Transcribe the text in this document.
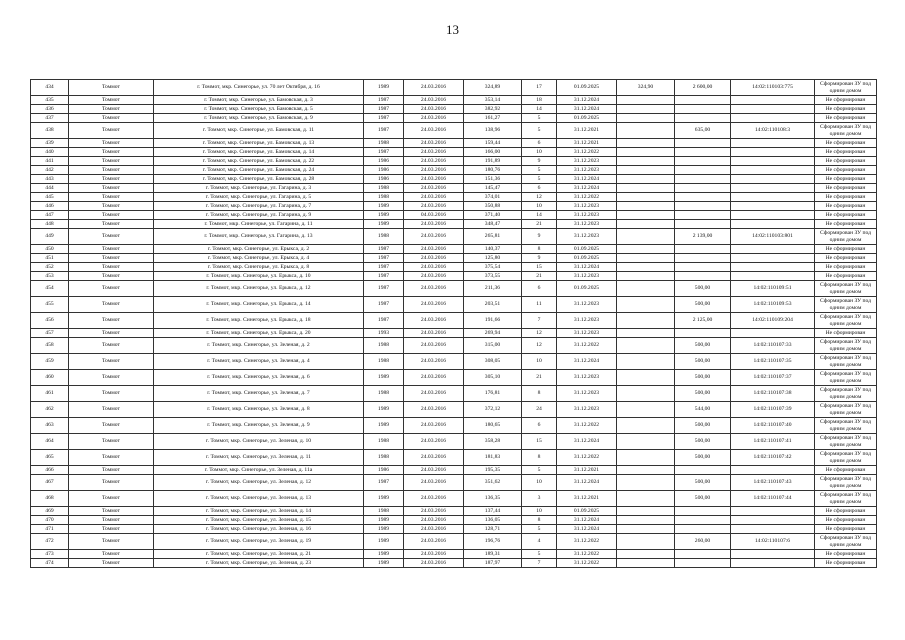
13
434	Томмот	г. Томмот, мкр. Синегорье, ул. 70 лет Октября, д. 16	1989	24.03.2016	324,89	17	01.09.2025	324,90	2 600,00	14:02:110103:775	Сформирован ЗУ под одним домом
435	Томмот	г. Томмот, мкр. Синегорье, ул. Бамовская, д. 3	1987	24.03.2016	353,14	18	31.12.2024				Не сформирован
436	Томмот	г. Томмот, мкр. Синегорье, ул. Бамовская, д. 5	1987	24.03.2016	382,92	14	31.12.2024				Не сформирован
437	Томмот	г. Томмот, мкр. Синегорье, ул. Бамовская, д. 9	1987	24.03.2016	161,27	5	01.09.2025				Не сформирован
438	Томмот	г. Томмот, мкр. Синегорье, ул. Бамовская, д. 11	1987	24.03.2016	138,96	5	31.12.2021		635,00	14:02:110108:3	Сформирован ЗУ под одним домом
439	Томмот	г. Томмот, мкр. Синегорье, ул. Бамовская, д. 13	1988	24.03.2016	159,44	6	31.12.2021				Не сформирован
440	Томмот	г. Томмот, мкр. Синегорье, ул. Бамовская, д. 14	1987	24.03.2016	166,00	10	31.12.2022				Не сформирован
441	Томмот	г. Томмот, мкр. Синегорье, ул. Бамовская, д. 22	1986	24.03.2016	191,89	9	31.12.2023				Не сформирован
442	Томмот	г. Томмот, мкр. Синегорье, ул. Бамовская, д. 24	1986	24.03.2016	180,76	5	31.12.2023				Не сформирован
443	Томмот	г. Томмот, мкр. Синегорье, ул. Бамовская, д. 28	1986	24.03.2016	151,36	5	31.12.2024				Не сформирован
444	Томмот	г. Томмот, мкр. Синегорье, ул. Гагарина, д. 3	1988	24.03.2016	145,47	6	31.12.2024				Не сформирован
445	Томмот	г. Томмот, мкр. Синегорье, ул. Гагарина, д. 5	1988	24.03.2016	374,01	12	31.12.2022				Не сформирован
446	Томмот	г. Томмот, мкр. Синегорье, ул. Гагарина, д. 7	1989	24.03.2016	350,88	10	31.12.2023				Не сформирован
447	Томмот	г. Томмот, мкр. Синегорье, ул. Гагарина, д. 9	1989	04.03.2016	371,40	14	31.12.2023				Не сформирован
448	Томмот	г. Томмот, мкр. Синегорье, ул. Гагарина, д. 11	1989	24.03.2016	348,47	21	31.12.2023				Не сформирован
449	Томмот	г. Томмот, мкр. Синегорье, ул. Гагарина, д. 13	1988	24.03.2016	265,81	9	31.12.2023		2 139,00	14:02:110103:801	Сформирован ЗУ под одним домом
450	Томмот	г. Томмот, мкр. Синегорье, ул. Ерыкса, д. 2	1987	24.03.2016	140,37	8	01.09.2025				Не сформирован
451	Томмот	г. Томмот, мкр. Синегорье, ул. Ерыкса, д. 4	1987	24.03.2016	125,80	9	01.09.2025				Не сформирован
452	Томмот	г. Томмот, мкр. Синегорье, ул. Ерыкса, д. 8	1987	24.03.2016	375,54	15	31.12.2024				Не сформирован
453	Томмот	г. Томмот, мкр. Синегорье, ул. Ерыкса, д. 10	1987	24.03.2016	373,55	21	31.12.2023				Не сформирован
454	Томмот	г. Томмот, мкр. Синегорье, ул. Ерыкса, д. 12	1987	24.03.2016	211,36	6	01.09.2025		500,00	14:02:110109:51	Сформирован ЗУ под одним домом
455	Томмот	г. Томмот, мкр. Синегорье, ул. Ерыкса, д. 14	1987	24.03.2016	203,51	11	31.12.2023		500,00	14:02:110109:53	Сформирован ЗУ под одним домом
456	Томмот	г. Томмот, мкр. Синегорье, ул. Ерыкса, д. 18	1987	24.03.2016	191,66	7	31.12.2023		2 125,00	14:02:110109:204	Сформирован ЗУ под одним домом
457	Томмот	г. Томмот, мкр. Синегорье, ул. Ерыкса, д. 20	1993	24.03.2016	269,94	12	31.12.2023				Не сформирован
458	Томмот	г. Томмот, мкр. Синегорье, ул. Зеленая, д. 2	1988	24.03.2016	315,00	12	31.12.2022		500,00	14:02:110107:33	Сформирован ЗУ под одним домом
459	Томмот	г. Томмот, мкр. Синегорье, ул. Зеленая, д. 4	1988	24.03.2016	308,05	10	31.12.2024		500,00	14:02:110107:35	Сформирован ЗУ под одним домом
460	Томмот	г. Томмот, мкр. Синегорье, ул. Зеленая, д. 6	1989	24.03.2016	305,10	21	31.12.2023		500,00	14:02:110107:37	Сформирован ЗУ под одним домом
461	Томмот	г. Томмот, мкр. Синегорье, ул. Зеленая, д. 7	1988	24.03.2016	176,81	8	31.12.2023		500,00	14:02:110107:38	Сформирован ЗУ под одним домом
462	Томмот	г. Томмот, мкр. Синегорье, ул. Зеленая, д. 8	1989	24.03.2016	372,12	24	31.12.2023		544,00	14:02:110107:39	Сформирован ЗУ под одним домом
463	Томмот	г. Томмот, мкр. Синегорье, ул. Зеленая, д. 9	1989	24.03.2016	180,65	6	31.12.2022		500,00	14:02:110107:40	Сформирован ЗУ под одним домом
464	Томмот	г. Томмот, мкр. Синегорье, ул. Зеленая, д. 10	1988	24.03.2016	358,28	15	31.12.2024		500,00	14:02:110107:41	Сформирован ЗУ под одним домом
465	Томмот	г. Томмот, мкр. Синегорье, ул. Зеленая, д. 11	1988	24.03.2016	181,83	8	31.12.2022		500,00	14:02:110107:42	Сформирован ЗУ под одним домом
466	Томмот	г. Томмот, мкр. Синегорье, ул. Зеленая, д. 11а	1986	24.03.2016	195,35	5	31.12.2021				Не сформирован
467	Томмот	г. Томмот, мкр. Синегорье, ул. Зеленая, д. 12	1987	24.03.2016	351,62	10	31.12.2024		500,00	14:02:110107:43	Сформирован ЗУ под одним домом
468	Томмот	г. Томмот, мкр. Синегорье, ул. Зеленая, д. 13	1989	24.03.2016	136,35	3	31.12.2021		500,00	14:02:110107:44	Сформирован ЗУ под одним домом
469	Томмот	г. Томмот, мкр. Синегорье, ул. Зеленая, д. 14	1988	24.03.2016	137,44	10	01.09.2025				Не сформирован
470	Томмот	г. Томмот, мкр. Синегорье, ул. Зеленая, д. 15	1989	24.03.2016	136,05	8	31.12.2024				Не сформирован
471	Томмот	г. Томмот, мкр. Синегорье, ул. Зеленая, д. 16	1989	24.03.2016	128,71	5	31.12.2024				Не сформирован
472	Томмот	г. Томмот, мкр. Синегорье, ул. Зеленая, д. 19	1989	24.03.2016	196,76	4	31.12.2022		260,00	14:02:110107:6	Сформирован ЗУ под одним домом
473	Томмот	г. Томмот, мкр. Синегорье, ул. Зеленая, д. 21	1989	24.03.2016	189,31	5	31.12.2022				Не сформирован
474	Томмот	г. Томмот, мкр. Синегорье, ул. Зеленая, д. 23	1989	24.03.2016	187,97	7	31.12.2022				Не сформирован
